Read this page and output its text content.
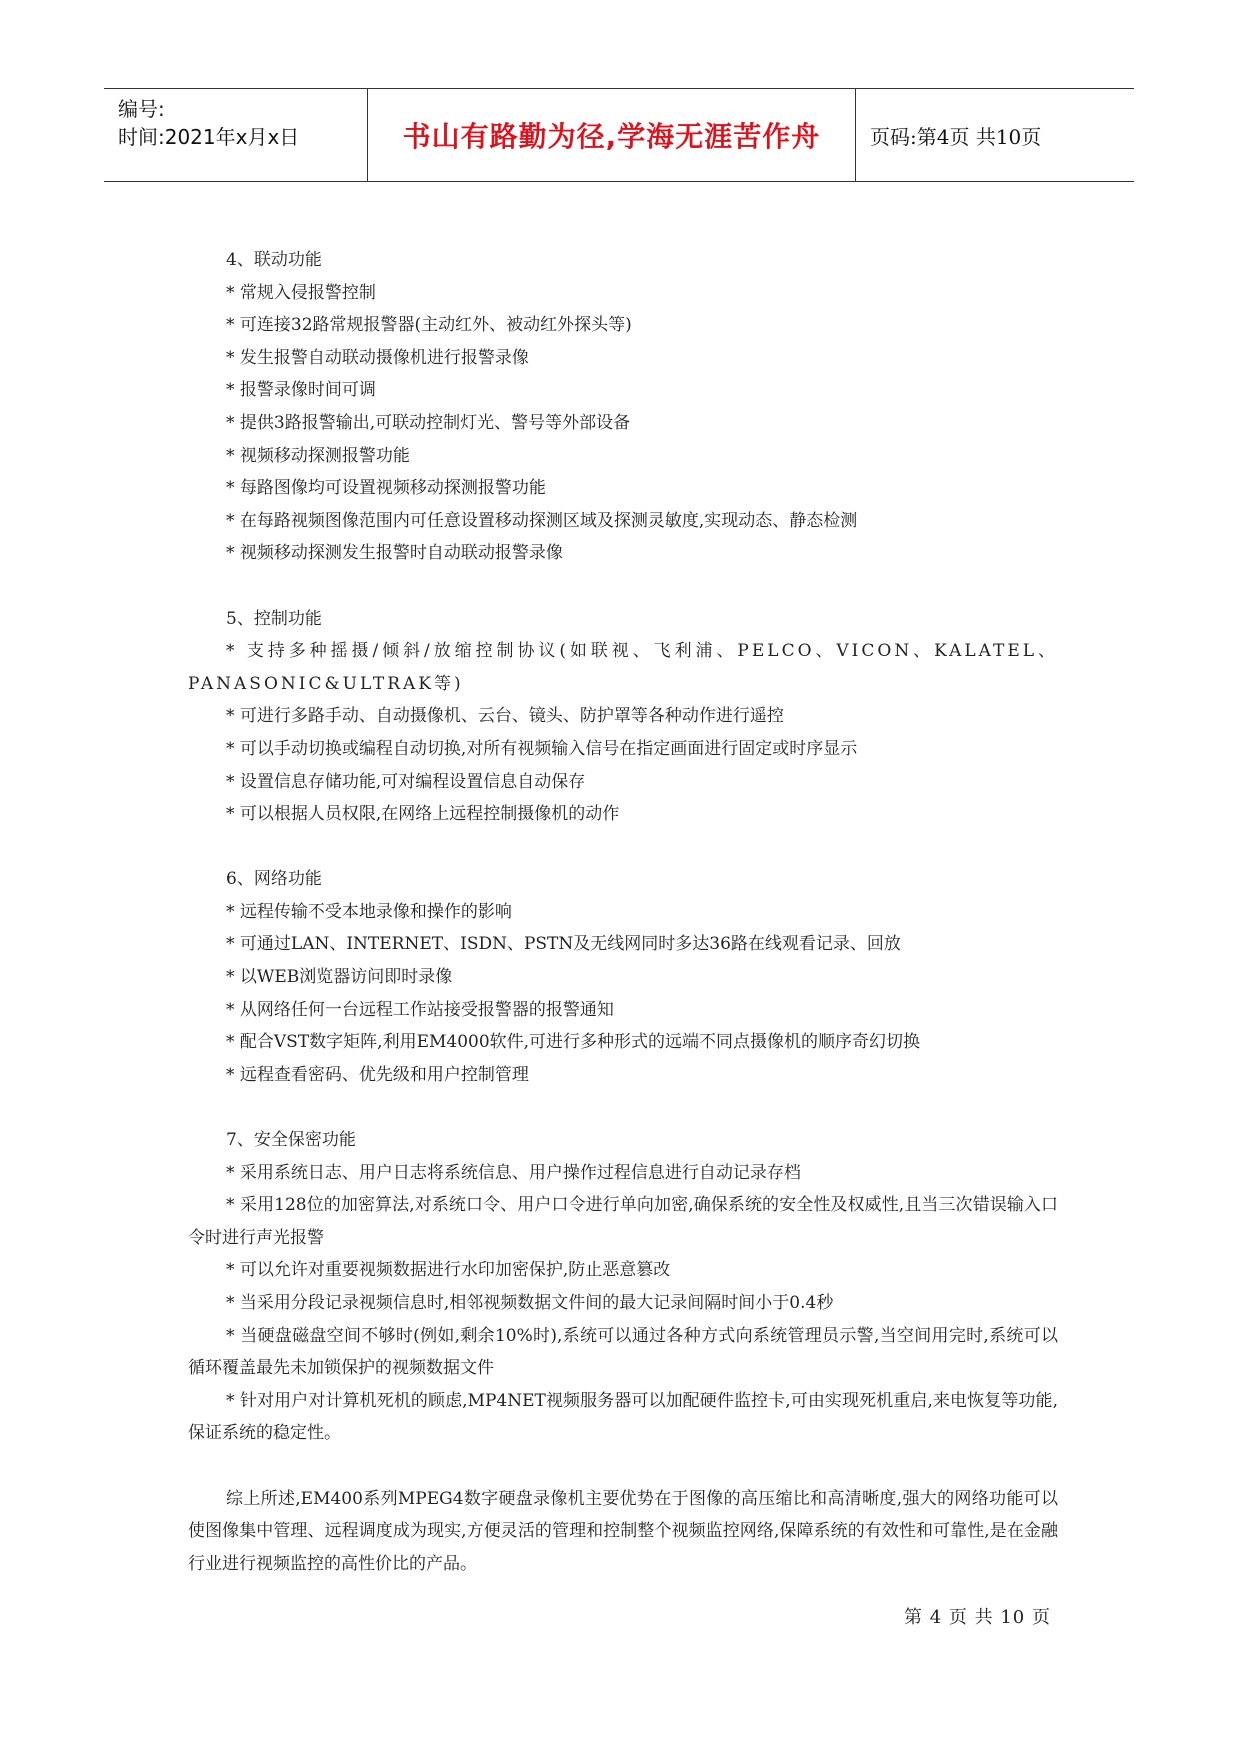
编号:
时间:2021年x月x日	书山有路勤为径,学海无涯苦作舟 页码:第4页 共10页
4、联动功能
* 常规入侵报警控制
* 可连接32路常规报警器(主动红外、被动红外探头等)
* 发生报警自动联动摄像机进行报警录像
* 报警录像时间可调
* 提供3路报警输出,可联动控制灯光、警号等外部设备
* 视频移动探测报警功能
* 每路图像均可设置视频移动探测报警功能
* 在每路视频图像范围内可任意设置移动探测区域及探测灵敏度,实现动态、静态检测
* 视频移动探测发生报警时自动联动报警录像
5、控制功能
* 支持多种摇摄/倾斜/放缩控制协议(如联视、飞利浦、PELCO、VICON、KALATEL、PANASONIC&ULTRAK等)
* 可进行多路手动、自动摄像机、云台、镜头、防护罩等各种动作进行遥控
* 可以手动切换或编程自动切换,对所有视频输入信号在指定画面进行固定或时序显示
* 设置信息存储功能,可对编程设置信息自动保存
* 可以根据人员权限,在网络上远程控制摄像机的动作
6、网络功能
* 远程传输不受本地录像和操作的影响
* 可通过LAN、INTERNET、ISDN、PSTN及无线网同时多达36路在线观看记录、回放
* 以WEB浏览器访问即时录像
* 从网络任何一台远程工作站接受报警器的报警通知
* 配合VST数字矩阵,利用EM4000软件,可进行多种形式的远端不同点摄像机的顺序奇幻切换
* 远程查看密码、优先级和用户控制管理
7、安全保密功能
* 采用系统日志、用户日志将系统信息、用户操作过程信息进行自动记录存档
* 采用128位的加密算法,对系统口令、用户口令进行单向加密,确保系统的安全性及权威性,且当三次错误输入口令时进行声光报警
* 可以允许对重要视频数据进行水印加密保护,防止恶意篡改
* 当采用分段记录视频信息时,相邻视频数据文件间的最大记录间隔时间小于0.4秒
* 当硬盘磁盘空间不够时(例如,剩余10%时),系统可以通过各种方式向系统管理员示警,当空间用完时,系统可以循环覆盖最先未加锁保护的视频数据文件
* 针对用户对计算机死机的顾虑,MP4NET视频服务器可以加配硬件监控卡,可由实现死机重启,来电恢复等功能,保证系统的稳定性。
综上所述,EM400系列MPEG4数字硬盘录像机主要优势在于图像的高压缩比和高清晰度,强大的网络功能可以使图像集中管理、远程调度成为现实,方便灵活的管理和控制整个视频监控网络,保障系统的有效性和可靠性,是在金融行业进行视频监控的高性价比的产品。
第 4 页 共 10 页
